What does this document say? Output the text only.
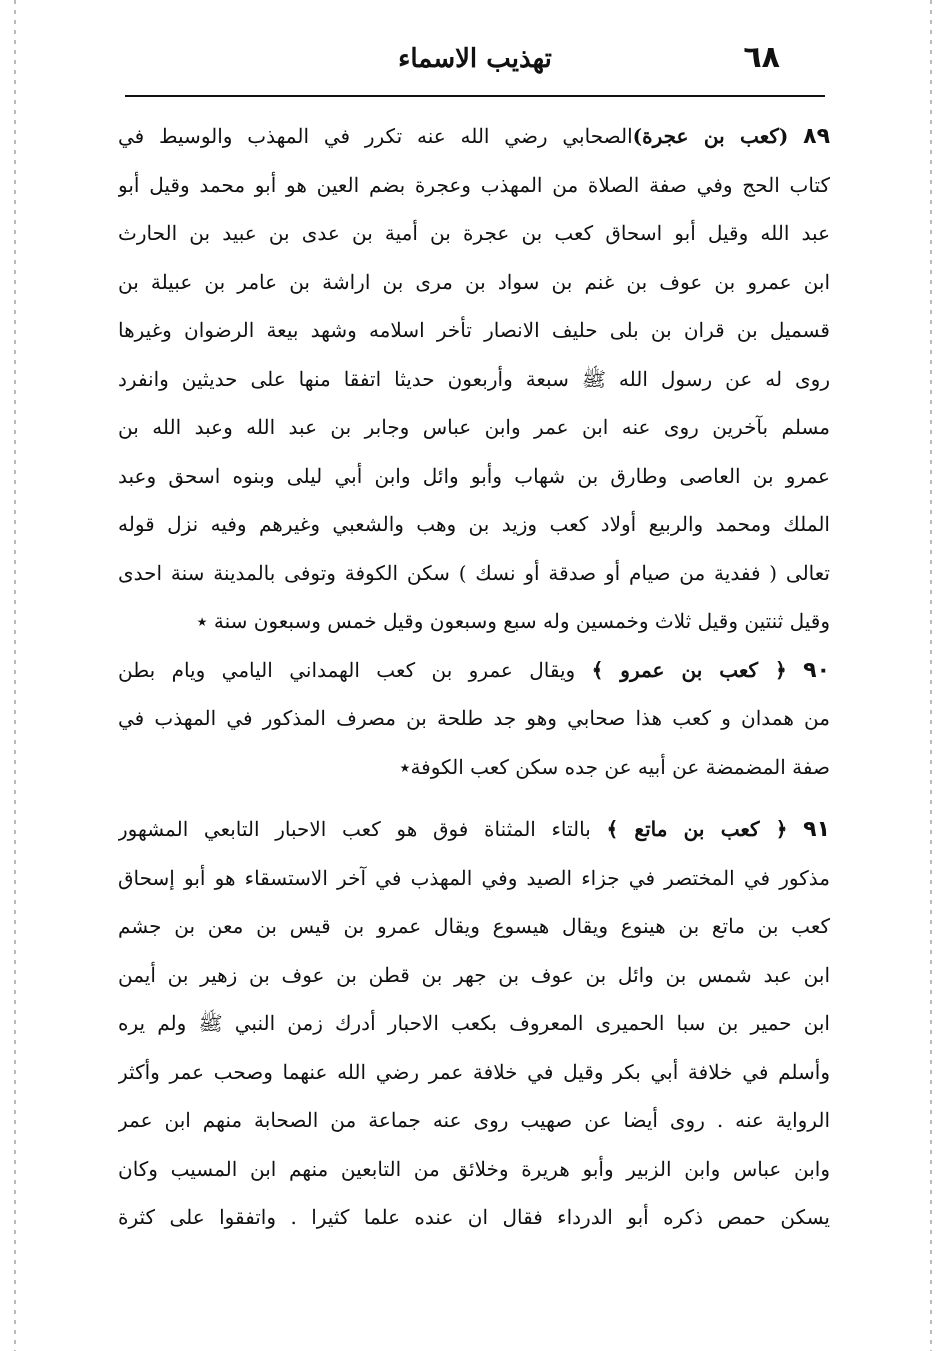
٦٨
تهذيب الاسماء
٨٩ (كعب بن عجرة)الصحابي رضي الله عنه تكرر في المهذب والوسيط في
كتاب الحج وفي صفة الصلاة من المهذب وعجرة بضم العين هو أبو محمد وقيل أبو
عبد الله وقيل أبو اسحاق كعب بن عجرة بن أمية بن عدى بن عبيد بن الحارث
ابن عمرو بن عوف بن غنم بن سواد بن مرى بن اراشة بن عامر بن عبيلة بن
قسميل بن قران بن بلى حليف الانصار تأخر اسلامه وشهد بيعة الرضوان وغيرها
روى له عن رسول الله ﷺ سبعة وأربعون حديثا اتفقا منها على حديثين وانفرد
مسلم بآخرين روى عنه ابن عمر وابن عباس وجابر بن عبد الله وعبد الله بن
عمرو بن العاصى وطارق بن شهاب وأبو وائل وابن أبي ليلى وبنوه اسحق وعبد
الملك ومحمد والربيع أولاد كعب وزيد بن وهب والشعبي وغيرهم وفيه نزل قوله
تعالى ( ففدية من صيام أو صدقة أو نسك ) سكن الكوفة وتوفى بالمدينة سنة احدى
وقيل ثنتين وقيل ثلاث وخمسين وله سبع وسبعون وقيل خمس وسبعون سنة ٭
٩٠ ﴿ كعب بن عمرو ﴾ ويقال عمرو بن كعب الهمداني اليامي ويام بطن
من همدان و كعب هذا صحابي وهو جد طلحة بن مصرف المذكور في المهذب في
صفة المضمضة عن أبيه عن جده سكن كعب الكوفة٭
٩١ ﴿ كعب بن ماتع ﴾ بالتاء المثناة فوق هو كعب الاحبار التابعي المشهور
مذكور في المختصر في جزاء الصيد وفي المهذب في آخر الاستسقاء هو أبو إسحاق
كعب بن ماتع بن هينوع ويقال هيسوع ويقال عمرو بن قيس بن معن بن جشم
ابن عبد شمس بن وائل بن عوف بن جهر بن قطن بن عوف بن زهير بن أيمن
ابن حمير بن سبا الحميرى المعروف بكعب الاحبار أدرك زمن النبي ﷺ ولم يره
وأسلم في خلافة أبي بكر وقيل في خلافة عمر رضي الله عنهما وصحب عمر وأكثر
الرواية عنه . روى أيضا عن صهيب روى عنه جماعة من الصحابة منهم ابن عمر
وابن عباس وابن الزبير وأبو هريرة وخلائق من التابعين منهم ابن المسيب وكان
يسكن حمص ذكره أبو الدرداء فقال ان عنده علما كثيرا . واتفقوا على كثرة
